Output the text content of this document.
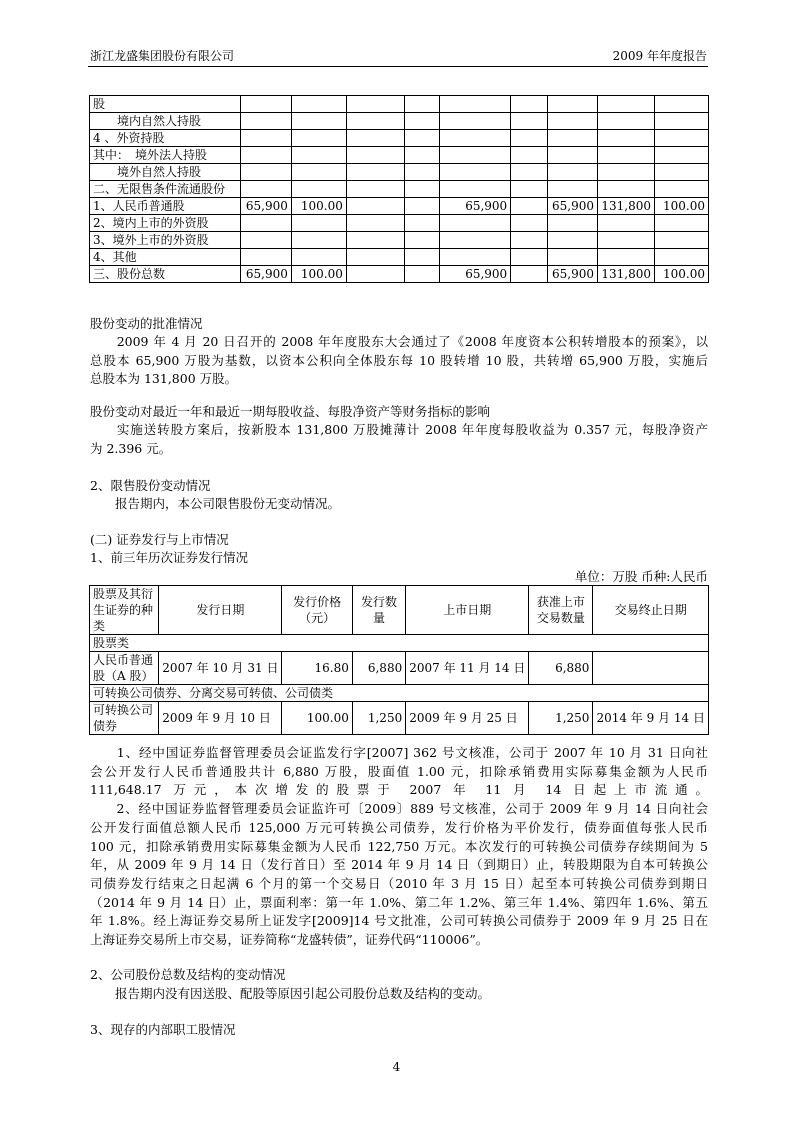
浙江龙盛集团股份有限公司	2009 年年度报告
股									
　　境内自然人持股									
4 、外资持股									
其中：　境外法人持股									
　　境外自然人持股									
二、无限售条件流通股份									
1、人民币普通股	65,900	100.00			65,900		65,900	131,800	100.00
2、境内上市的外资股									
3、境外上市的外资股									
4、其他									
三、股份总数	65,900	100.00			65,900		65,900	131,800	100.00
股份变动的批准情况
　　2009 年 4 月 20 日召开的 2008 年年度股东大会通过了《2008 年度资本公积转增股本的预案》，以
总股本 65,900 万股为基数，以资本公积向全体股东每 10 股转增 10 股，共转增 65,900 万股，实施后
总股本为 131,800 万股。
股份变动对最近一年和最近一期每股收益、每股净资产等财务指标的影响
　　实施送转股方案后，按新股本 131,800 万股摊薄计 2008 年年度每股收益为 0.357 元，每股净资产
为 2.396 元。
2、限售股份变动情况
　　报告期内，本公司限售股份无变动情况。
(二) 证券发行与上市情况
1、前三年历次证券发行情况
单位：万股 币种:人民币
股票及其衍生证券的种类	发行日期	发行价格（元）	发行数量	上市日期	获准上市交易数量	交易终止日期
股票类						
人民币普通股（A 股）	2007 年 10 月 31 日	16.80	6,880	2007 年 11 月 14 日	6,880	
可转换公司债券、分离交易可转债、公司债类						
可转换公司债券	2009 年 9 月 10 日	100.00	1,250	2009 年 9 月 25 日	1,250	2014 年 9 月 14 日
　　1、经中国证券监督管理委员会证监发行字[2007] 362 号文核准，公司于 2007 年 10 月 31 日向社
会公开发行人民币普通股共计 6,880 万股，股面值 1.00 元，扣除承销费用实际募集金额为人民币
111,648.17 万元，本次增发的股票于 2007 年 11 月 14 日起上市流通。
　　2、经中国证券监督管理委员会证监许可〔2009〕889 号文核准，公司于 2009 年 9 月 14 日向社会
公开发行面值总额人民币 125,000 万元可转换公司债券，发行价格为平价发行，债券面值每张人民币
100 元，扣除承销费用实际募集金额为人民币 122,750 万元。本次发行的可转换公司债券存续期间为 5
年，从 2009 年 9 月 14 日（发行首日）至 2014 年 9 月 14 日（到期日）止，转股期限为自本可转换公
司债券发行结束之日起满 6 个月的第一个交易日（2010 年 3 月 15 日）起至本可转换公司债券到期日
（2014 年 9 月 14 日）止，票面利率：第一年 1.0%、第二年 1.2%、第三年 1.4%、第四年 1.6%、第五
年 1.8%。经上海证券交易所上证发字[2009]14 号文批准，公司可转换公司债券于 2009 年 9 月 25 日在
上海证券交易所上市交易，证券简称“龙盛转债”，证券代码“110006”。
2、公司股份总数及结构的变动情况
　　报告期内没有因送股、配股等原因引起公司股份总数及结构的变动。
3、现存的内部职工股情况
4
